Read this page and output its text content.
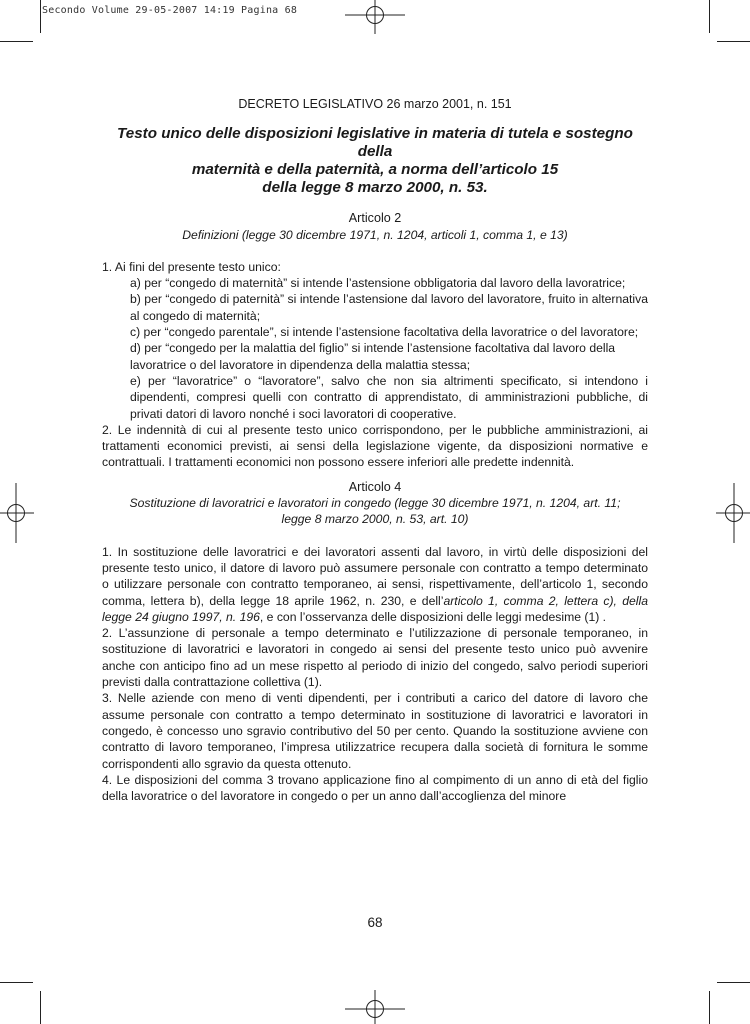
Secondo Volume 29-05-2007 14:19 Pagina 68
DECRETO LEGISLATIVO 26 marzo 2001, n. 151
Testo unico delle disposizioni legislative in materia di tutela e sostegno della
maternità e della paternità, a norma dell’articolo 15
della legge 8 marzo 2000, n. 53.
Articolo 2
Definizioni (legge 30 dicembre 1971, n. 1204, articoli 1, comma 1, e 13)

1. Ai fini del presente testo unico:

a) per “congedo di maternità” si intende l’astensione obbligatoria dal lavoro della lavoratrice;

b) per “congedo di paternità” si intende l’astensione dal lavoro del lavoratore, fruito in alternativa al congedo di maternità;

c) per “congedo parentale”, si intende l’astensione facoltativa della lavoratrice o del lavoratore;

d) per “congedo per la malattia del figlio” si intende l’astensione facoltativa dal lavoro della

lavoratrice o del lavoratore in dipendenza della malattia stessa;

e) per “lavoratrice” o “lavoratore”, salvo che non sia altrimenti specificato, si intendono i dipendenti, compresi quelli con contratto di apprendistato, di amministrazioni pubbliche, di privati datori di lavoro nonché i soci lavoratori di cooperative.

2. Le indennità di cui al presente testo unico corrispondono, per le pubbliche amministrazioni, ai trattamenti economici previsti, ai sensi della legislazione vigente, da disposizioni normative e contrattuali. I trattamenti economici non possono essere inferiori alle predette indennità.

Articolo 4
Sostituzione di lavoratrici e lavoratori in congedo (legge 30 dicembre 1971, n. 1204, art. 11;
legge 8 marzo 2000, n. 53, art. 10)

1. In sostituzione delle lavoratrici e dei lavoratori assenti dal lavoro, in virtù delle disposizioni del presente testo unico, il datore di lavoro può assumere personale con contratto a tempo determinato o utilizzare personale con contratto temporaneo, ai sensi, rispettivamente, dell’articolo 1, secondo comma, lettera b), della legge 18 aprile 1962, n. 230, e dell’articolo 1, comma 2, lettera c), della legge 24 giugno 1997, n. 196, e con l’osservanza delle disposizioni delle leggi medesime (1) .

2. L’assunzione di personale a tempo determinato e l’utilizzazione di personale temporaneo, in sostituzione di lavoratrici e lavoratori in congedo ai sensi del presente testo unico può avvenire anche con anticipo fino ad un mese rispetto al periodo di inizio del congedo, salvo periodi superiori previsti dalla contrattazione collettiva (1).

3. Nelle aziende con meno di venti dipendenti, per i contributi a carico del datore di lavoro che assume personale con contratto a tempo determinato in sostituzione di lavoratrici e lavoratori in congedo, è concesso uno sgravio contributivo del 50 per cento. Quando la sostituzione avviene con contratto di lavoro temporaneo, l’impresa utilizzatrice recupera dalla società di fornitura le somme corrispondenti allo sgravio da questa ottenuto.

4. Le disposizioni del comma 3 trovano applicazione fino al compimento di un anno di età del figlio della lavoratrice o del lavoratore in congedo o per un anno dall’accoglienza del minore

68
